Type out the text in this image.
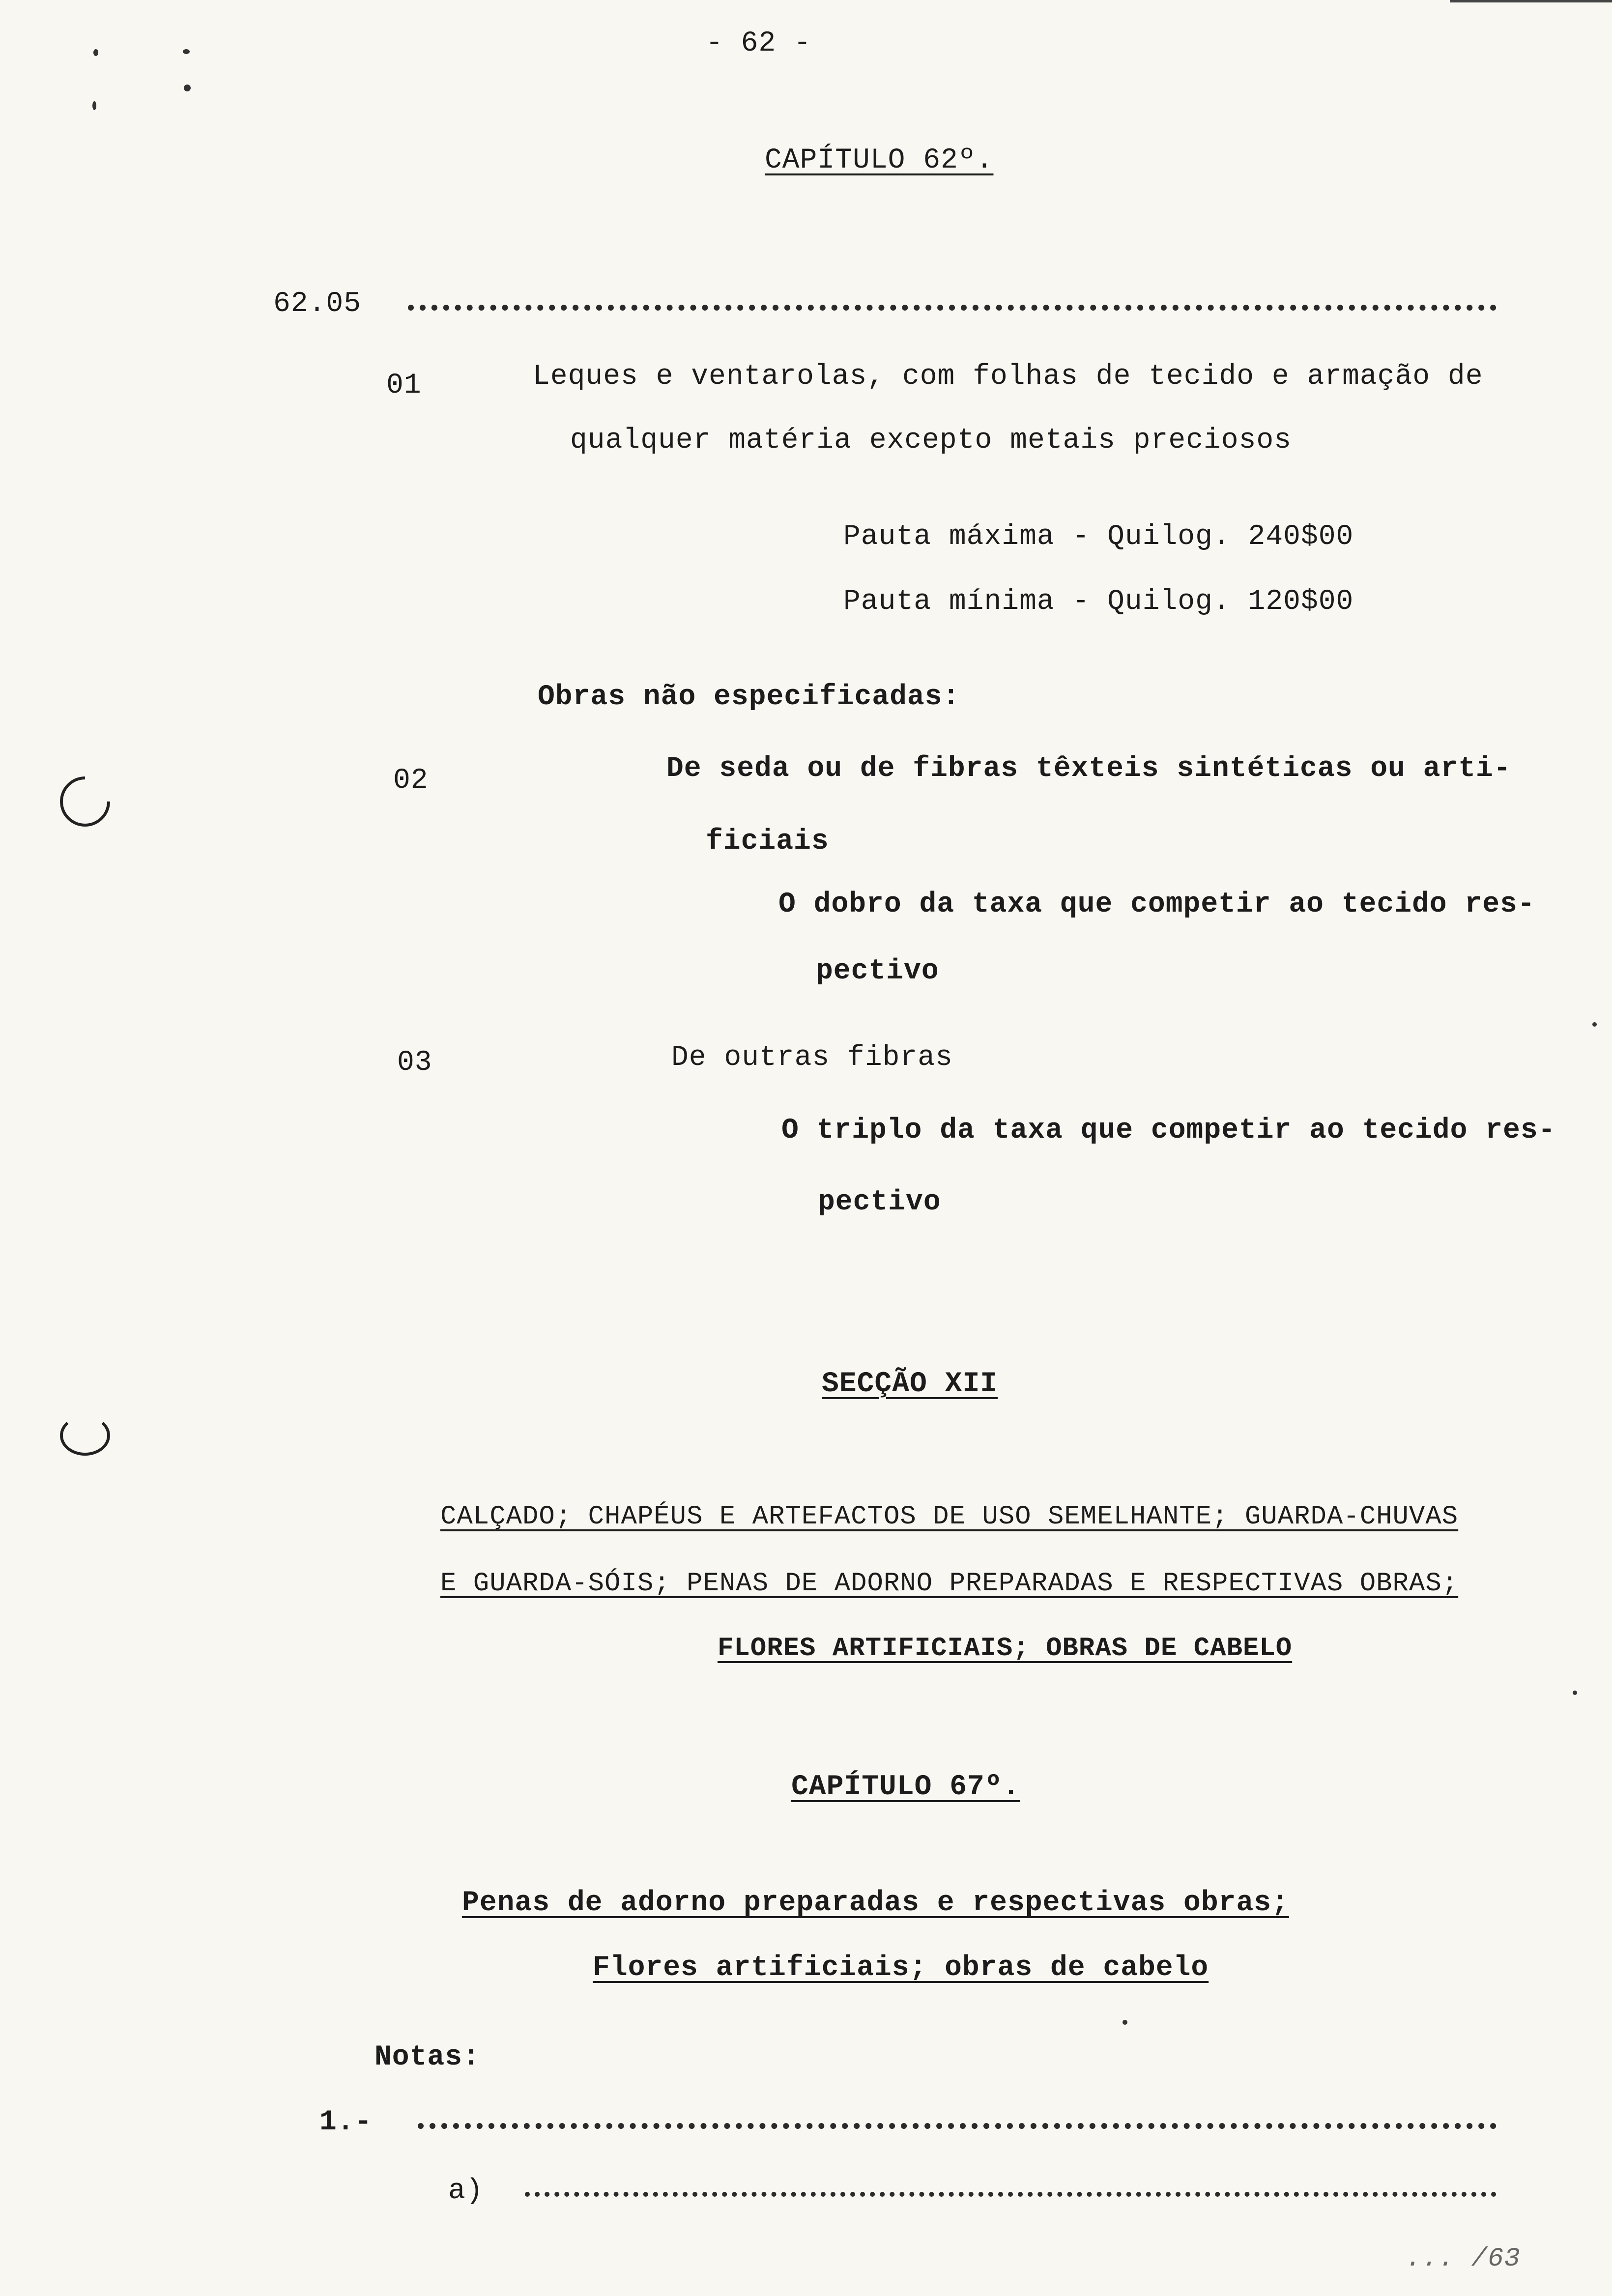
- 62 -
CAPÍTULO 62º.
62.05
01	Leques e ventarolas, com folhas de tecido e armação de
qualquer matéria excepto metais preciosos
Pauta máxima - Quilog. 240$00
Pauta mínima - Quilog. 120$00
Obras não especificadas:
02	De seda ou de fibras têxteis sintéticas ou arti-
ficiais
O dobro da taxa que competir ao tecido res-
pectivo
03	De outras fibras
O triplo da taxa que competir ao tecido res-
pectivo
SECÇÃO XII
CALÇADO; CHAPÉUS E ARTEFACTOS DE USO SEMELHANTE; GUARDA-CHUVAS
E GUARDA-SÓIS; PENAS DE ADORNO PREPARADAS E RESPECTIVAS OBRAS;
FLORES ARTIFICIAIS; OBRAS DE CABELO
CAPÍTULO 67º.
Penas de adorno preparadas e respectivas obras;
Flores artificiais; obras de cabelo
Notas:
1.-
a)
... /63
